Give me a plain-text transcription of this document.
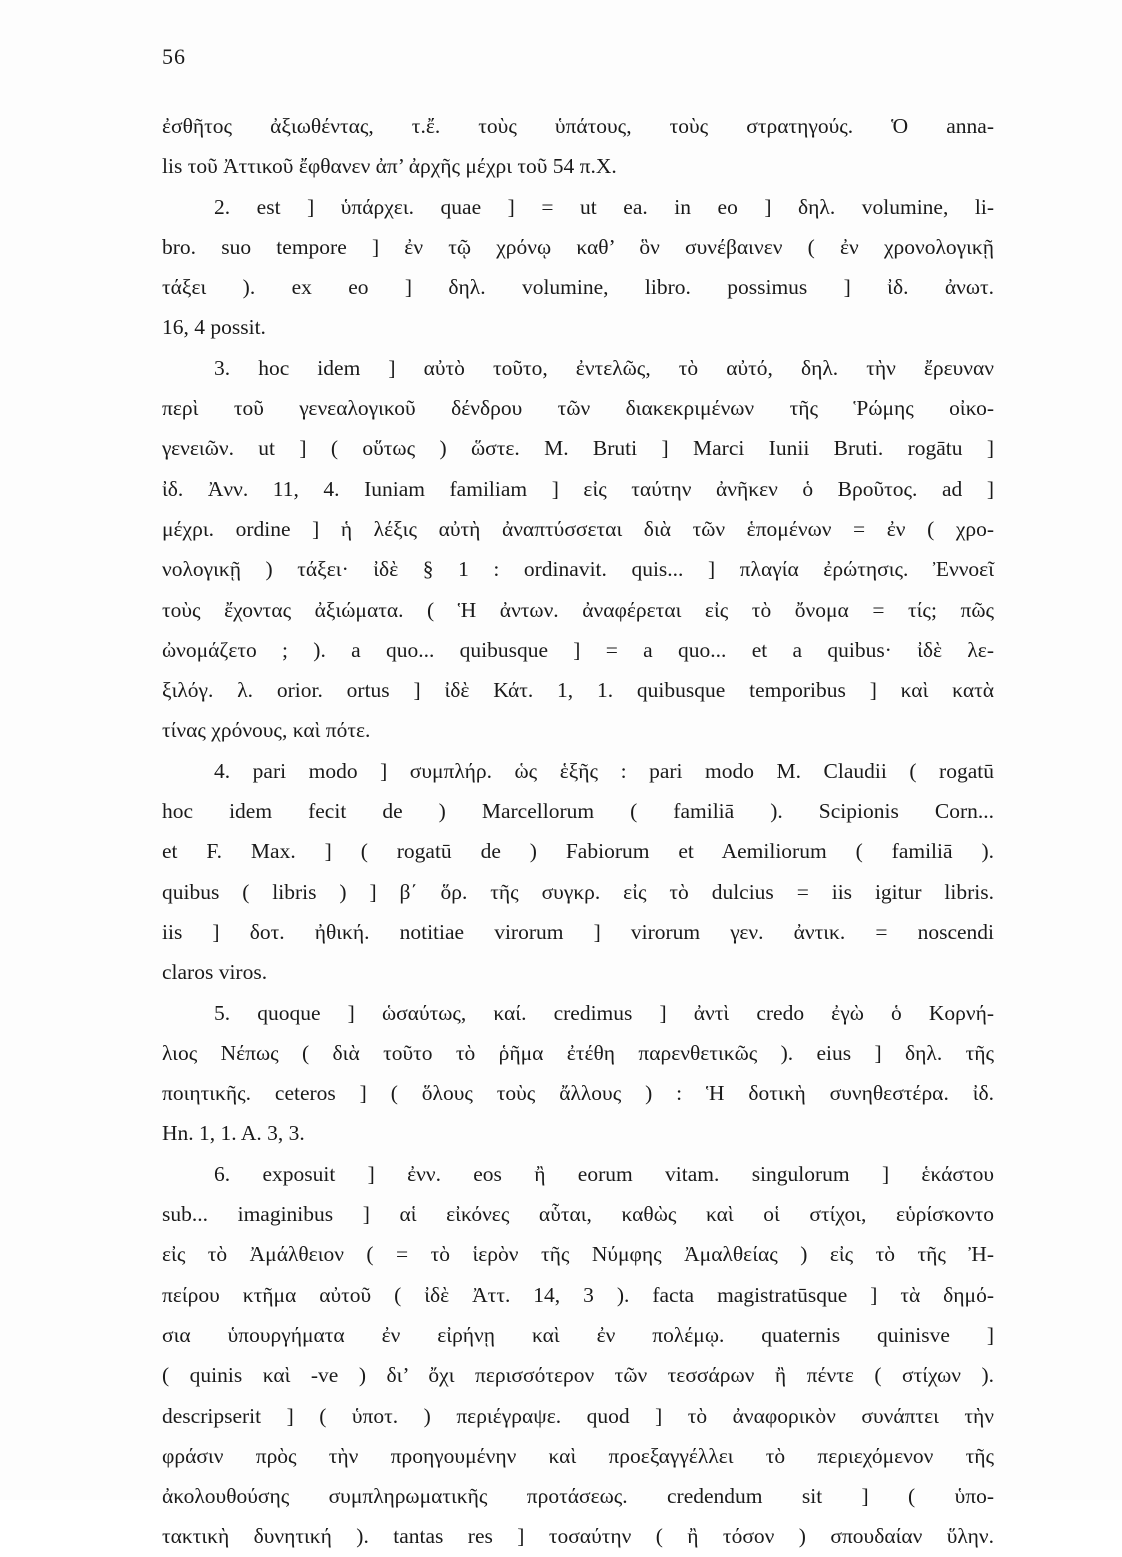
56
ἐσθῆτος ἀξιωθέντας, τ.ἔ. τοὺς ὑπάτους, τοὺς στρατηγούς. Ὁ annа-
lis τοῦ Ἀττικοῦ ἔφθανεν ἀπ’ ἀρχῆς μέχρι τοῦ 54 π.Χ.
2. est ] ὑπάρχει. quae ] = ut ea. in eo ] δηλ. volumine, li-
bro. suo tempore ] ἐν τῷ χρόνῳ καθ’ ὃν συνέβαινεν ( ἐν χρονολογικῇ
τάξει ). ex eo ] δηλ. volumine, libro. possimus ] ἰδ. ἀνωτ.
16, 4 possit.
3. hoc idem ] αὐτὸ τοῦτο, ἐντελῶς, τὸ αὐτό, δηλ. τὴν ἔρευναν
περὶ τοῦ γενεαλογικοῦ δένδρου τῶν διακεκριμένων τῆς Ῥώμης οἰκο-
γενειῶν. ut ] ( οὕτως ) ὥστε. M. Bruti ] Marci Iunii Bruti. rogātu ]
ἰδ. Ἀνν. 11, 4. Iuniam familiam ] εἰς ταύτην ἀνῆκεν ὁ Βροῦτος. ad ]
μέχρι. ordine ] ἡ λέξις αὐτὴ ἀναπτύσσεται διὰ τῶν ἑπομένων = ἐν ( χρο-
νολογικῇ ) τάξει· ἰδὲ § 1 : ordinavit. quis... ] πλαγία ἐρώτησις. Ἐννοεῖ
τοὺς ἔχοντας ἀξιώματα. ( Ἡ ἀντων. ἀναφέρεται εἰς τὸ ὄνομα = τίς; πῶς
ὠνομάζετο ; ). a quo... quibusque ] = a quo... et a quibus· ἰδὲ λε-
ξιλόγ. λ. orior. ortus ] ἰδὲ Κάτ. 1, 1. quibusque temporibus ] καὶ κατὰ
τίνας χρόνους, καὶ πότε.
4. pari modo ] συμπλήρ. ὡς ἑξῆς : pari modo M. Claudii ( rogatū
hoc idem fecit de ) Marcellorum ( familiā ). Scipionis Corn...
et F. Max. ] ( rogatū de ) Fabiorum et Aemiliorum ( familiā ).
quibus ( libris ) ] β΄ ὅρ. τῆς συγκρ. εἰς τὸ dulcius = iis igitur libris.
iis ] δοτ. ἠθική. notitiae virorum ] virorum γεν. ἀντικ. = noscendi
claros viros.
5. quoque ] ὡσαύτως, καί. credimus ] ἀντὶ credo ἐγὼ ὁ Κορνή-
λιος Νέπως ( διὰ τοῦτο τὸ ῥῆμα ἐτέθη παρενθετικῶς ). eius ] δηλ. τῆς
ποιητικῆς. ceteros ] ( ὅλους τοὺς ἄλλους ) : Ἡ δοτικὴ συνηθεστέρα. ἰδ.
Hn. 1, 1. A. 3, 3.
6. exposuit ] ἐνν. eos ἢ eorum vitam. singulorum ] ἑκάστου
sub... imaginibus ] αἱ εἰκόνες αὗται, καθὼς καὶ οἱ στίχοι, εὑρίσκοντο
εἰς τὸ Ἀμάλθειον ( = τὸ ἱερὸν τῆς Νύμφης Ἀμαλθείας ) εἰς τὸ τῆς Ἠ-
πείρου κτῆμα αὐτοῦ ( ἰδὲ Ἀττ. 14, 3 ). facta magistratūsque ] τὰ δημό-
σια ὑπουργήματα ἐν εἰρήνῃ καὶ ἐν πολέμῳ. quaternis quinisve ]
( quinis καὶ -ve ) δι’ ὄχι περισσότερον τῶν τεσσάρων ἢ πέντε ( στίχων ).
descripserit ] ( ὑποτ. ) περιέγραψε. quod ] τὸ ἀναφορικὸν συνάπτει τὴν
φράσιν πρὸς τὴν προηγουμένην καὶ προεξαγγέλλει τὸ περιεχόμενον τῆς
ἀκολουθούσης συμπληρωματικῆς προτάσεως. credendum sit ] ( ὑπο-
τακτικὴ δυνητική ). tantas res ] τοσαύτην ( ἢ τόσον ) σπουδαίαν ὕλην.
